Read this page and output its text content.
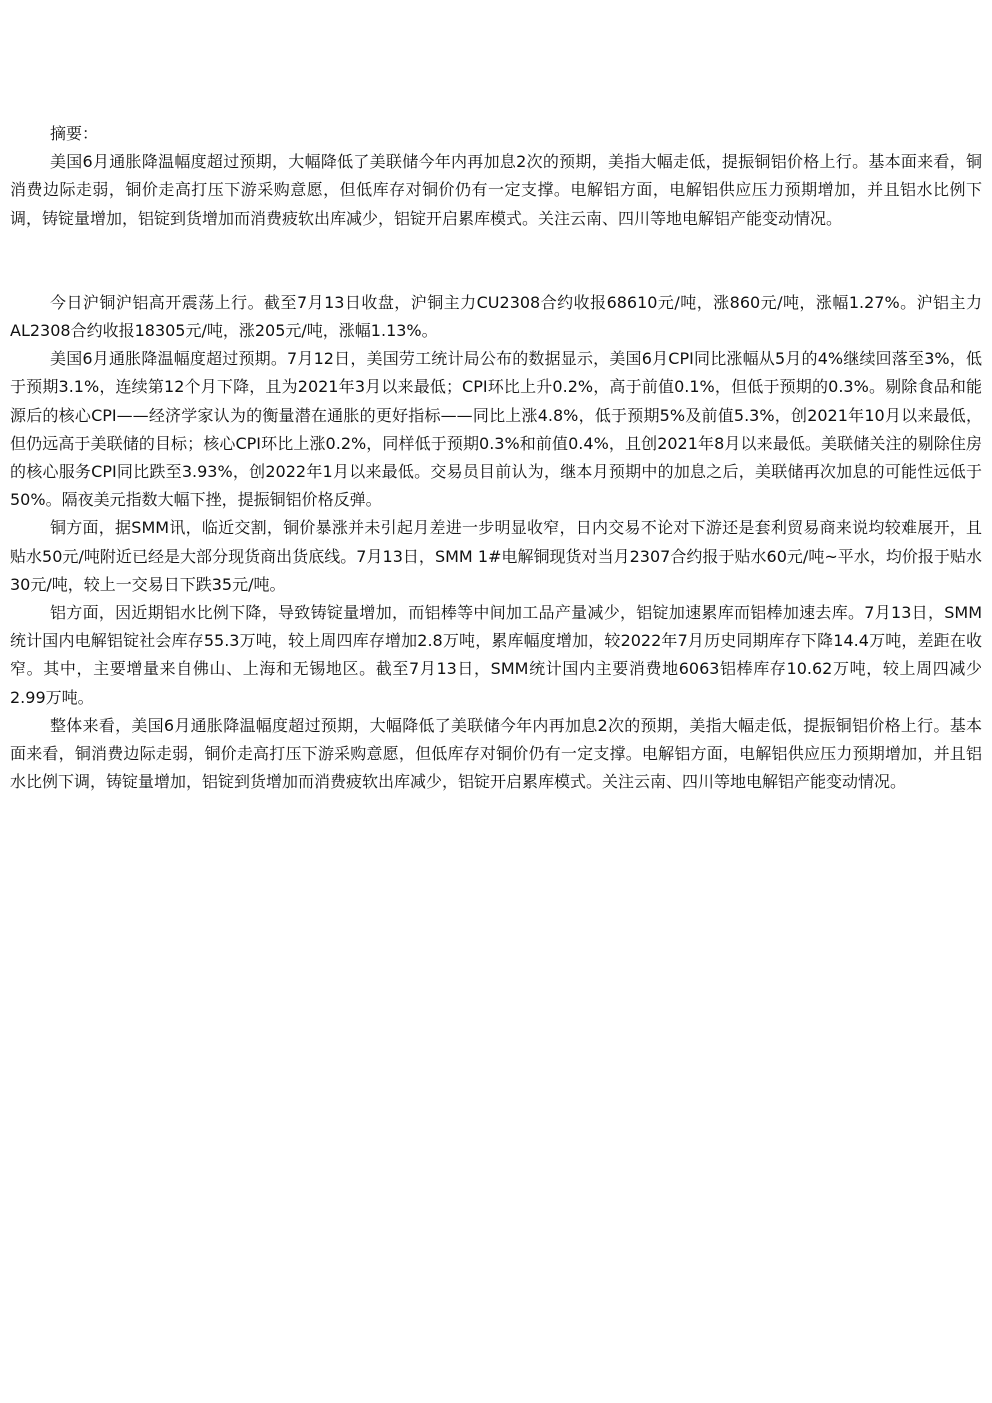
摘要：

美国6月通胀降温幅度超过预期，大幅降低了美联储今年内再加息2次的预期，美指大幅走低，提振铜铝价格上行。基本面来看，铜消费边际走弱，铜价走高打压下游采购意愿，但低库存对铜价仍有一定支撑。电解铝方面，电解铝供应压力预期增加，并且铝水比例下调，铸锭量增加，铝锭到货增加而消费疲软出库减少，铝锭开启累库模式。关注云南、四川等地电解铝产能变动情况。

今日沪铜沪铝高开震荡上行。截至7月13日收盘，沪铜主力CU2308合约收报68610元/吨，涨860元/吨，涨幅1.27%。沪铝主力AL2308合约收报18305元/吨，涨205元/吨，涨幅1.13%。

美国6月通胀降温幅度超过预期。7月12日，美国劳工统计局公布的数据显示，美国6月CPI同比涨幅从5月的4%继续回落至3%，低于预期3.1%，连续第12个月下降，且为2021年3月以来最低；CPI环比上升0.2%，高于前值0.1%，但低于预期的0.3%。剔除食品和能源后的核心CPI——经济学家认为的衡量潜在通胀的更好指标——同比上涨4.8%，低于预期5%及前值5.3%，创2021年10月以来最低，但仍远高于美联储的目标；核心CPI环比上涨0.2%，同样低于预期0.3%和前值0.4%，且创2021年8月以来最低。美联储关注的剔除住房的核心服务CPI同比跌至3.93%，创2022年1月以来最低。交易员目前认为，继本月预期中的加息之后，美联储再次加息的可能性远低于50%。隔夜美元指数大幅下挫，提振铜铝价格反弹。

铜方面，据SMM讯，临近交割，铜价暴涨并未引起月差进一步明显收窄，日内交易不论对下游还是套利贸易商来说均较难展开，且贴水50元/吨附近已经是大部分现货商出货底线。7月13日，SMM 1#电解铜现货对当月2307合约报于贴水60元/吨~平水，均价报于贴水30元/吨，较上一交易日下跌35元/吨。

铝方面，因近期铝水比例下降，导致铸锭量增加，而铝棒等中间加工品产量减少，铝锭加速累库而铝棒加速去库。7月13日，SMM统计国内电解铝锭社会库存55.3万吨，较上周四库存增加2.8万吨，累库幅度增加，较2022年7月历史同期库存下降14.4万吨，差距在收窄。其中，主要增量来自佛山、上海和无锡地区。截至7月13日，SMM统计国内主要消费地6063铝棒库存10.62万吨，较上周四减少2.99万吨。

整体来看，美国6月通胀降温幅度超过预期，大幅降低了美联储今年内再加息2次的预期，美指大幅走低，提振铜铝价格上行。基本面来看，铜消费边际走弱，铜价走高打压下游采购意愿，但低库存对铜价仍有一定支撑。电解铝方面，电解铝供应压力预期增加，并且铝水比例下调，铸锭量增加，铝锭到货增加而消费疲软出库减少，铝锭开启累库模式。关注云南、四川等地电解铝产能变动情况。
